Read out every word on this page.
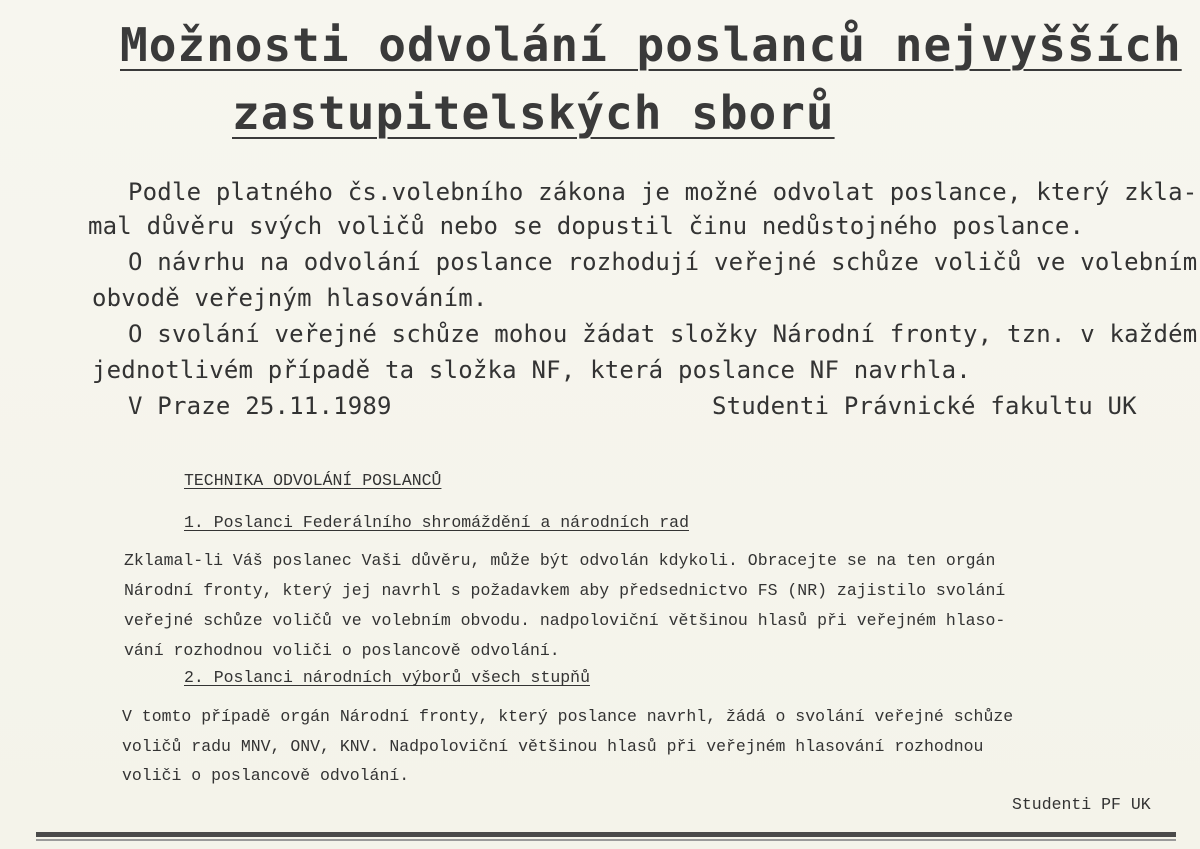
Možnosti odvolání poslanců nejvyšších
zastupitelských sborů
Podle platného čs.volebního zákona je možné odvolat poslance, který zkla-
mal důvěru svých voličů nebo se dopustil činu nedůstojného poslance.
O návrhu na odvolání poslance rozhodují veřejné schůze voličů ve volebním
obvodě veřejným hlasováním.
O svolání veřejné schůze mohou žádat složky Národní fronty, tzn. v každém
jednotlivém případě ta složka NF, která poslance NF navrhla.
V Praze 25.11.1989	Studenti Právnické fakultu UK
TECHNIKA ODVOLÁNÍ POSLANCŮ
1. Poslanci Federálního shromáždění a národních rad
Zklamal-li Váš poslanec Vaši důvěru, může být odvolán kdykoli. Obracejte se na ten orgán
Národní fronty, který jej navrhl s požadavkem aby předsednictvo FS (NR) zajistilo svolání
veřejné schůze voličů ve volebním obvodu. nadpoloviční většinou hlasů při veřejném hlaso-
vání rozhodnou voliči o poslancově odvolání.
2. Poslanci národních výborů všech stupňů
V tomto případě orgán Národní fronty, který poslance navrhl, žádá o svolání veřejné schůze
voličů radu MNV, ONV, KNV. Nadpoloviční většinou hlasů při veřejném hlasování rozhodnou
voliči o poslancově odvolání.
Studenti PF UK
